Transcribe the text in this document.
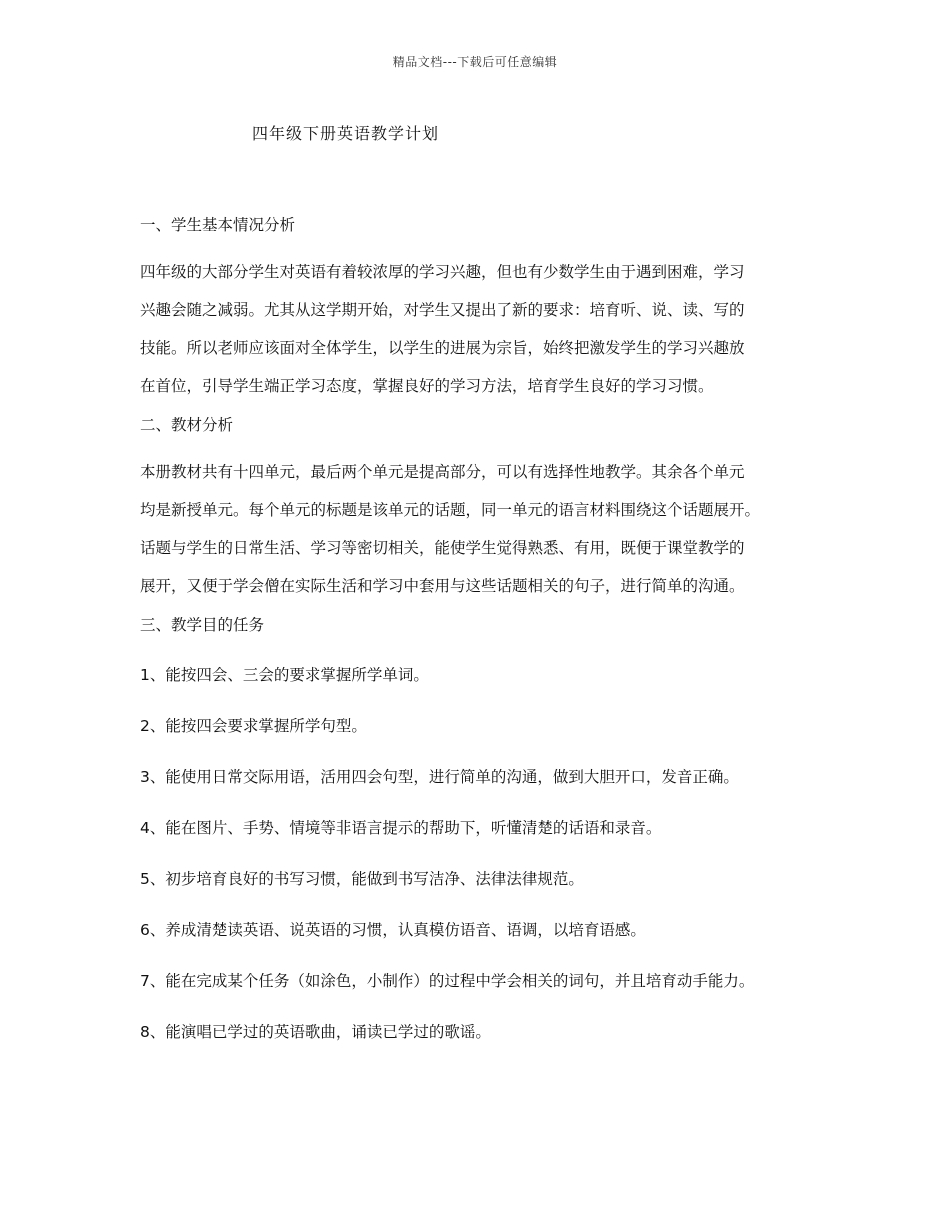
精品文档---下载后可任意编辑
四年级下册英语教学计划
一、学生基本情况分析
四年级的大部分学生对英语有着较浓厚的学习兴趣，但也有少数学生由于遇到困难，学习
兴趣会随之减弱。尤其从这学期开始，对学生又提出了新的要求：培育听、说、读、写的
技能。所以老师应该面对全体学生，以学生的进展为宗旨，始终把激发学生的学习兴趣放
在首位，引导学生端正学习态度，掌握良好的学习方法，培育学生良好的学习习惯。
二、教材分析
本册教材共有十四单元，最后两个单元是提高部分，可以有选择性地教学。其余各个单元
均是新授单元。每个单元的标题是该单元的话题，同一单元的语言材料围绕这个话题展开。
话题与学生的日常生活、学习等密切相关，能使学生觉得熟悉、有用，既便于课堂教学的
展开，又便于学会僧在实际生活和学习中套用与这些话题相关的句子，进行简单的沟通。
三、教学目的任务
1、能按四会、三会的要求掌握所学单词。
2、能按四会要求掌握所学句型。
3、能使用日常交际用语，活用四会句型，进行简单的沟通，做到大胆开口，发音正确。
4、能在图片、手势、情境等非语言提示的帮助下，听懂清楚的话语和录音。
5、初步培育良好的书写习惯，能做到书写洁净、法律法律规范。
6、养成清楚读英语、说英语的习惯，认真模仿语音、语调，以培育语感。
7、能在完成某个任务（如涂色，小制作）的过程中学会相关的词句，并且培育动手能力。
8、能演唱已学过的英语歌曲，诵读已学过的歌谣。
